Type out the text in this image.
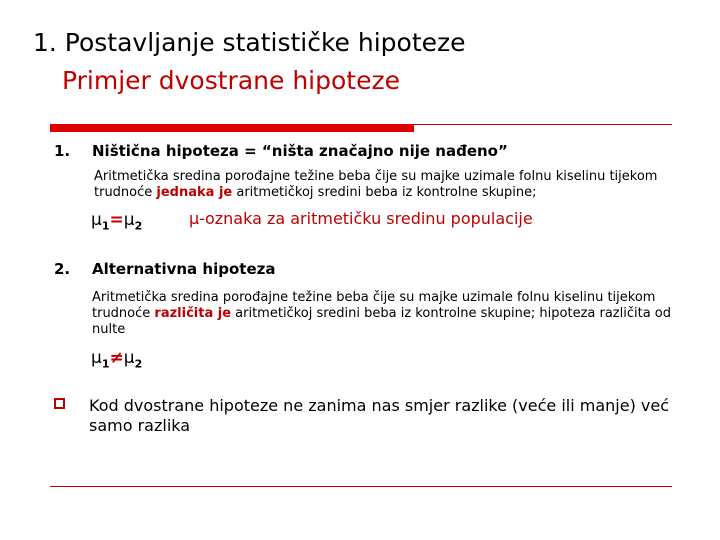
1. Postavljanje statističke hipoteze
Primjer dvostrane hipoteze
1. Ništična hipoteza = “ništa značajno nije nađeno”
Aritmetička sredina porođajne težine beba čije su majke uzimale folnu kiselinu tijekom trudnoće jednaka je aritmetičkoj sredini beba iz kontrolne skupine;
$\mu_1=\mu_2$	μ-oznaka za aritmetičku sredinu populacije
2. Alternativna hipoteza
Aritmetička sredina porođajne težine beba čije su majke uzimale folnu kiselinu tijekom trudnoće različita je aritmetičkoj sredini beba iz kontrolne skupine; hipoteza različita od nulte
$\mu_1\ne\mu_2$
Kod dvostrane hipoteze ne zanima nas smjer razlike (veće ili manje) već samo razlika
